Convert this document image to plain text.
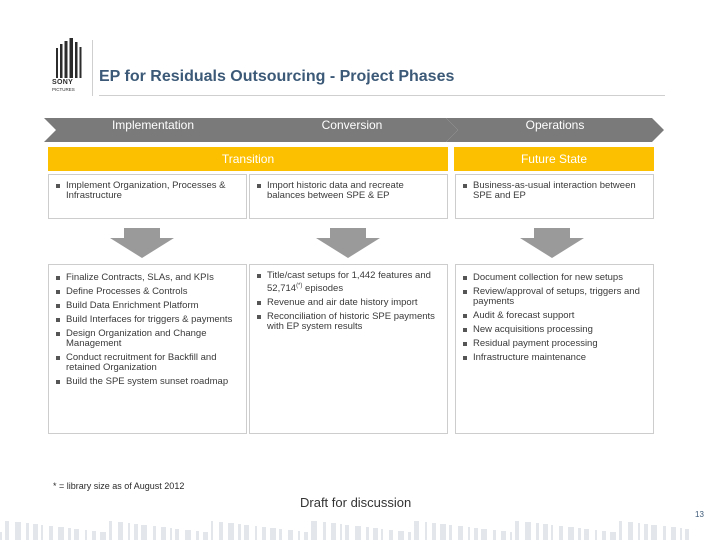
SONY
PICTURES
EP for Residuals Outsourcing - Project Phases
Implementation	Conversion	Operations
Transition	Future State
Implement Organization, Processes & Infrastructure
Finalize Contracts, SLAs, and KPIs
Define Processes & Controls
Build Data Enrichment Platform
Build Interfaces for triggers & payments
Design Organization and Change Management
Conduct recruitment for Backfill and retained Organization
Build the SPE system sunset roadmap
Import historic data and recreate balances between SPE & EP
Title/cast setups for 1,442 features and 52,714(*) episodes
Revenue and air date history import
Reconciliation of historic SPE payments with EP system results
Business-as-usual interaction between SPE and EP
Document collection for new setups
Review/approval of setups, triggers and payments
Audit & forecast support
New acquisitions processing
Residual payment processing
Infrastructure maintenance
* = library size as of August 2012
Draft for discussion
13
